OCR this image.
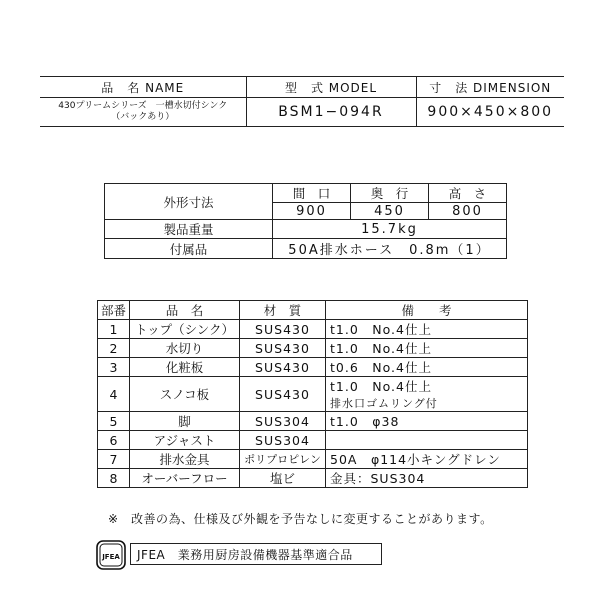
品　名 NAME	型　式 MODEL	寸　法 DIMENSION

430プリームシリーズ　一槽水切付シンク
（バックあり）	BSM1−094R	900×450×800
外形寸法	間　口	奥　行	高　さ
	900	450	800
製品重量	15.7kg		
付属品	50A排水ホース　0.8m（1）		
部番	品　名	材　質	備　　考
1	トップ（シンク）	SUS430	t1.0　No.4仕上
2	水切り	SUS430	t1.0　No.4仕上
3	化粧板	SUS430	t0.6　No.4仕上
4	スノコ板	SUS430	t1.0　No.4仕上
			排水口ゴムリング付
5	脚	SUS304	t1.0　φ38
6	アジャスト	SUS304	
7	排水金具	ポリプロピレン	50A　φ114小キングドレン
8	オーバーフロー	塩ビ	金具：SUS304
※　改善の為、仕様及び外観を予告なしに変更することがあります。
JFEA	JFEA　業務用厨房設備機器基準適合品
